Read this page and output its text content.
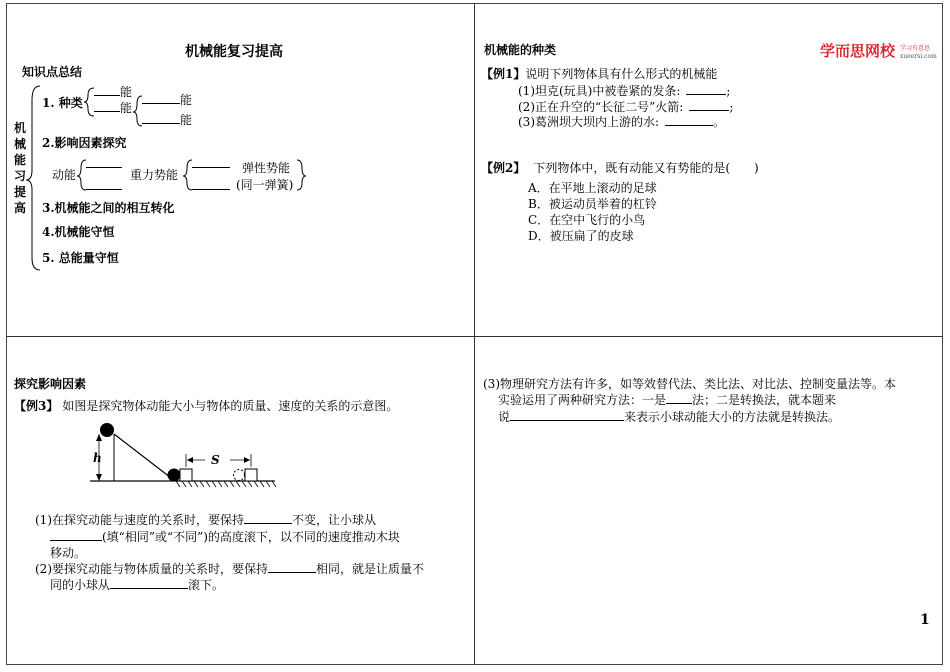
机械能复习提高
知识点总结
机
械
能
习
提
高
1. 种类
能
能
能
能
2.影响因素探究
动能	重力势能	弹性势能
(同一弹簧)
3.机械能之间的相互转化
4.机械能守恒
5. 总能量守恒
机械能的种类	学而思网校 学习有意思
xueersi.com
【例1】说明下列物体具有什么形式的机械能
(1)坦克(玩具)中被卷紧的发条:	;
(2)正在升空的“长征二号”火箭:	;
(3)葛洲坝大坝内上游的水:	。
【例2】 下列物体中，既有动能又有势能的是(　　)
A．在平地上滚动的足球
B．被运动员举着的杠铃
C．在空中飞行的小鸟
D．被压扁了的皮球
探究影响因素
【例3】 如图是探究物体动能大小与物体的质量、速度的关系的示意图。
h	S
(1)在探究动能与速度的关系时，要保持	不变，让小球从
(填“相同”或“不同”)的高度滚下，以不同的速度推动木块
移动。
(2)要探究动能与物体质量的关系时，要保持	相同，就是让质量不
同的小球从	滚下。
(3)物理研究方法有许多，如等效替代法、类比法、对比法、控制变量法等。本
实验运用了两种研究方法：一是 法；二是转换法，就本题来
说	来表示小球动能大小的方法就是转换法。
1
